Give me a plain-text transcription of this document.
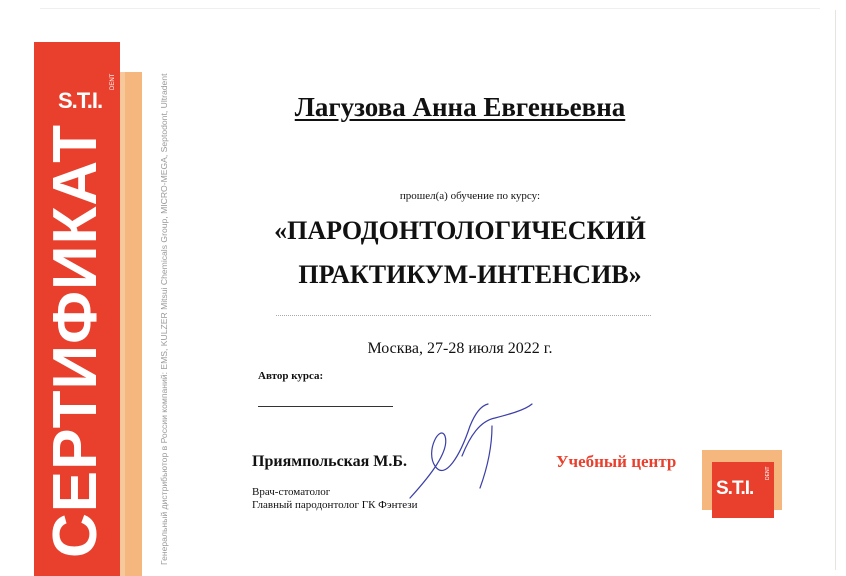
S.T.I.
DENT
СЕРТИФИКАТ	Генеральный дистрибьютор в России компаний: EMS, KULZER Mitsui Chemicals Group, MICRO-MEGA, Septodont, Ultradent	Лагузова Анна Евгеньевна
прошел(а) обучение по курсу:
«ПАРОДОНТОЛОГИЧЕСКИЙ
ПРАКТИКУМ-ИНТЕНСИВ»
Москва, 27-28 июля 2022 г.
Автор курса:
Приямпольская М.Б.
Врач-стоматолог
Главный пародонтолог ГК Фэнтези
Учебный центр
S.T.I.
DENT
